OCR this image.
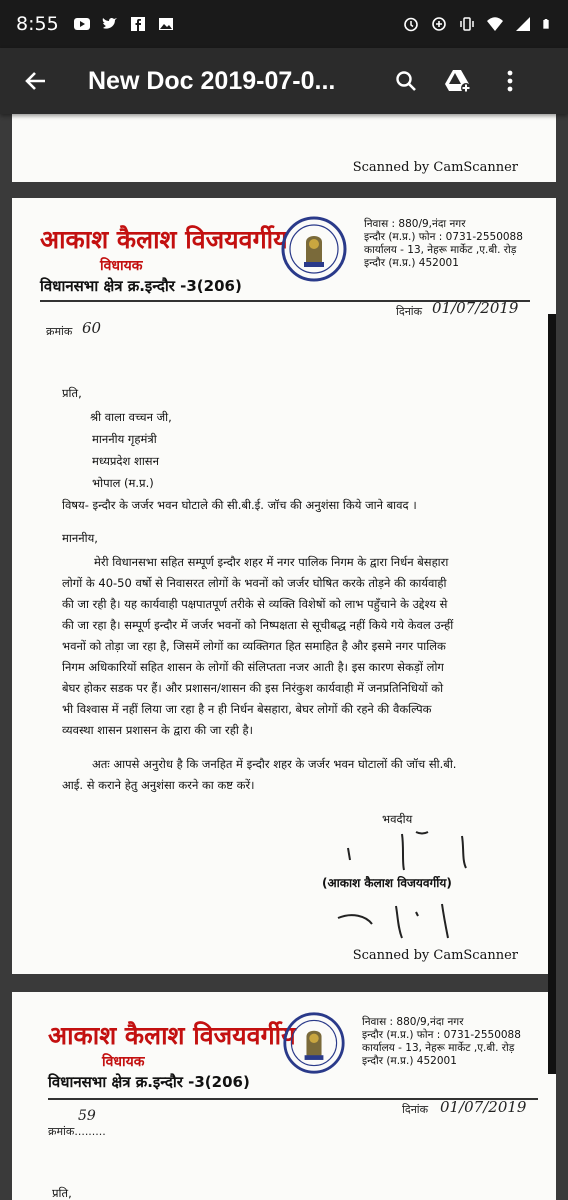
8:55
New Doc 2019-07-0...
Scanned by CamScanner
आकाश कैलाश विजयवर्गीय
विधायक
विधानसभा क्षेत्र क्र.इन्दौर -3(206)
निवास : 880/9,नंदा नगर
इन्दौर (म.प्र.) फोन : 0731-2550088
कार्यालय - 13, नेहरू मार्केट ,ए.बी. रोड़
इन्दौर (म.प्र.) 452001
दिनांक 01/07/2019
क्रमांक 60
प्रति,
श्री वाला वच्चन जी,
माननीय गृहमंत्री
मध्यप्रदेश शासन
भोपाल (म.प्र.)
विषय- इन्दौर के जर्जर भवन घोटाले की सी.बी.ई. जॉच की अनुशंसा किये जाने बावद ।
माननीय,
मेरी विधानसभा सहित सम्पूर्ण इन्दौर शहर में नगर पालिक निगम के द्वारा निर्धन बेसहारा
लोगों के 40-50 वर्षो से निवासरत लोगों के भवनों को जर्जर घोषित करके तोड़ने की कार्यवाही
की जा रही है। यह कार्यवाही पक्षपातपूर्ण तरीके से व्यक्ति विशेषों को लाभ पहुँचाने के उद्देश्य से
की जा रहा है। सम्पूर्ण इन्दौर में जर्जर भवनों को निष्पक्षता से सूचीबद्ध नहीं किये गये केवल उन्हीं
भवनों को तोड़ा जा रहा है, जिसमें लोगों का व्यक्तिगत हित समाहित है और इसमे नगर पालिक
निगम अधिकारियों सहित शासन के लोगों की संलिप्तता नजर आती है। इस कारण सेकड़ों लोग
बेघर होकर सडक पर हैं। और प्रशासन/शासन की इस निरंकुश कार्यवाही में जनप्रतिनिधियों को
भी विश्वास में नहीं लिया जा रहा है न ही निर्धन बेसहारा, बेघर लोगों की रहने की वैकल्पिक
व्यवस्था शासन प्रशासन के द्वारा की जा रही है।
अतः आपसे अनुरोध है कि जनहित में इन्दौर शहर के जर्जर भवन घोटालों की जॉच सी.बी.
आई. से कराने हेतु अनुशंसा करने का कष्ट करें।
भवदीय
(आकाश कैलाश विजयवर्गीय)
Scanned by CamScanner
आकाश कैलाश विजयवर्गीय
विधायक
विधानसभा क्षेत्र क्र.इन्दौर -3(206)
निवास : 880/9,नंदा नगर
इन्दौर (म.प्र.) फोन : 0731-2550088
कार्यालय - 13, नेहरू मार्केट ,ए.बी. रोड़
इन्दौर (म.प्र.) 452001
दिनांक 01/07/2019
59
क्रमांक.........
प्रति,
